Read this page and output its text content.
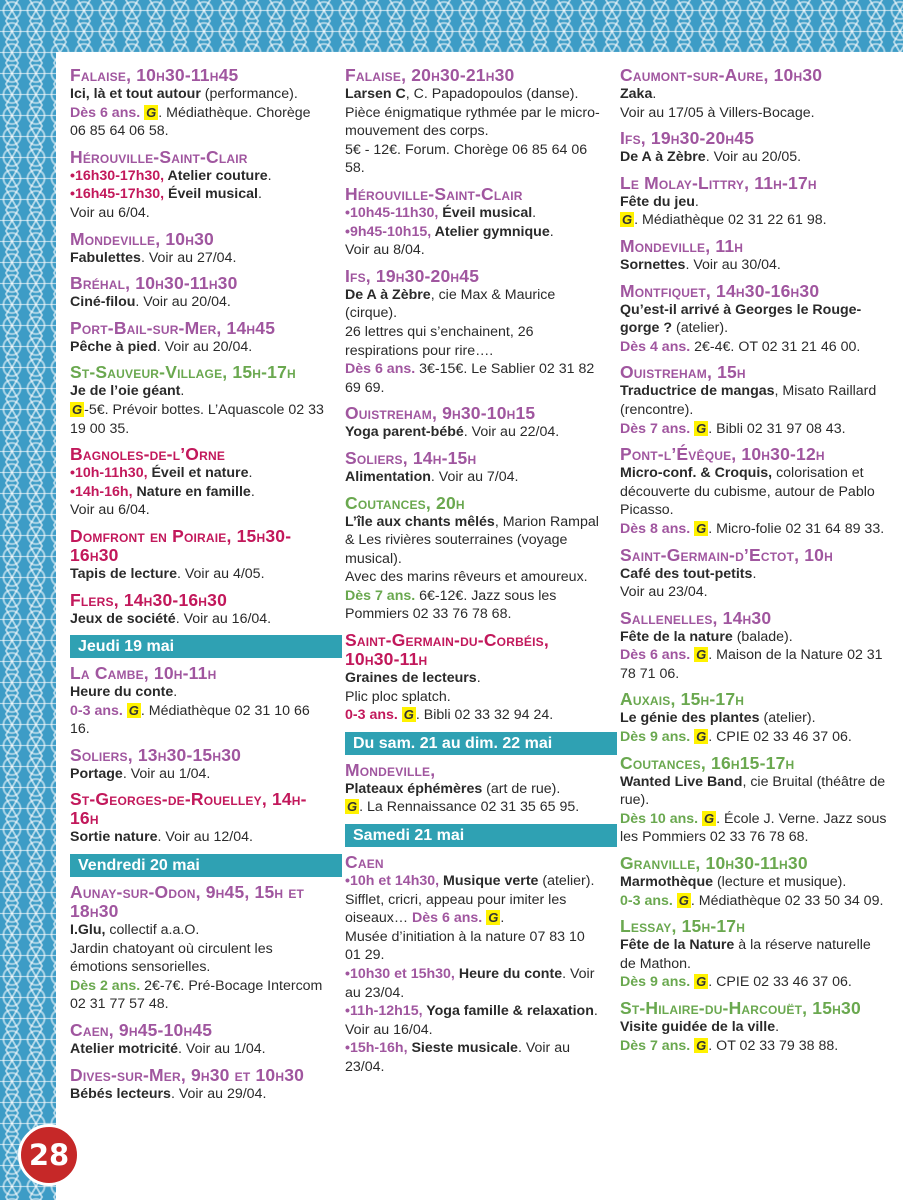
Falaise, 10h30-11h45
Ici, là et tout autour (performance).
Dès 6 ans. G . Médiathèque. Chorège 06 85 64 06 58.
Hérouville-Saint-Clair
•16h30-17h30, Atelier couture.
•16h45-17h30, Éveil musical.
Voir au 6/04.
Mondeville, 10h30
Fabulettes. Voir au 27/04.
Bréhal, 10h30-11h30
Ciné-filou. Voir au 20/04.
Port-Bail-sur-Mer, 14h45
Pêche à pied. Voir au 20/04.
St-Sauveur-Village, 15h-17h
Je de l’oie géant.
G -5€. Prévoir bottes. L’Aquascole 02 33 19 00 35.
Bagnoles-de-l’Orne
•10h-11h30, Éveil et nature.
•14h-16h, Nature en famille.
Voir au 6/04.
Domfront en Poiraie, 15h30-16h30
Tapis de lecture. Voir au 4/05.
Flers, 14h30-16h30
Jeux de société. Voir au 16/04.
Jeudi 19 mai
La Cambe, 10h-11h
Heure du conte.
0-3 ans. G . Médiathèque 02 31 10 66 16.
Soliers, 13h30-15h30
Portage. Voir au 1/04.
St-Georges-de-Rouelley, 14h-16h
Sortie nature. Voir au 12/04.
Vendredi 20 mai
Aunay-sur-Odon, 9h45, 15h et 18h30
I.Glu, collectif a.a.O.
Jardin chatoyant où circulent les émotions sensorielles.
Dès 2 ans. 2€-7€. Pré-Bocage Intercom 02 31 77 57 48.
Caen, 9h45-10h45
Atelier motricité. Voir au 1/04.
Dives-sur-Mer, 9h30 et 10h30
Bébés lecteurs. Voir au 29/04.
Falaise, 20h30-21h30
Larsen C, C. Papadopoulos (danse).
Pièce énigmatique rythmée par le micro-mouvement des corps.
5€ - 12€. Forum. Chorège 06 85 64 06 58.
Hérouville-Saint-Clair
•10h45-11h30, Éveil musical.
•9h45-10h15, Atelier gymnique.
Voir au 8/04.
Ifs, 19h30-20h45
De A à Zèbre, cie Max & Maurice (cirque).
26 lettres qui s’enchainent, 26 respirations pour rire….
Dès 6 ans. 3€-15€. Le Sablier 02 31 82 69 69.
Ouistreham, 9h30-10h15
Yoga parent-bébé. Voir au 22/04.
Soliers, 14h-15h
Alimentation. Voir au 7/04.
Coutances, 20h
L’île aux chants mêlés, Marion Rampal & Les rivières souterraines (voyage musical).
Avec des marins rêveurs et amoureux.
Dès 7 ans. 6€-12€. Jazz sous les Pommiers 02 33 76 78 68.
Saint-Germain-du-Corbéis, 10h30-11h
Graines de lecteurs.
Plic ploc splatch.
0-3 ans. G . Bibli 02 33 32 94 24.
Du sam. 21 au dim. 22 mai
Mondeville,
Plateaux éphémères (art de rue).
G . La Rennaissance 02 31 35 65 95.
Samedi 21 mai
Caen
•10h et 14h30, Musique verte (atelier). Sifflet, cricri, appeau pour imiter les oiseaux… Dès 6 ans. G .
Musée d’initiation à la nature 07 83 10 01 29.
•10h30 et 15h30, Heure du conte. Voir au 23/04.
•11h-12h15, Yoga famille & relaxation. Voir au 16/04.
•15h-16h, Sieste musicale. Voir au 23/04.
Caumont-sur-Aure, 10h30
Zaka.
Voir au 17/05 à Villers-Bocage.
Ifs, 19h30-20h45
De A à Zèbre. Voir au 20/05.
Le Molay-Littry, 11h-17h
Fête du jeu.
G . Médiathèque 02 31 22 61 98.
Mondeville, 11h
Sornettes. Voir au 30/04.
Montfiquet, 14h30-16h30
Qu’est-il arrivé à Georges le Rouge-gorge ? (atelier).
Dès 4 ans. 2€-4€. OT 02 31 21 46 00.
Ouistreham, 15h
Traductrice de mangas, Misato Raillard (rencontre).
Dès 7 ans. G . Bibli 02 31 97 08 43.
Pont-l’Évêque, 10h30-12h
Micro-conf. & Croquis, colorisation et découverte du cubisme, autour de Pablo Picasso.
Dès 8 ans. G . Micro-folie 02 31 64 89 33.
Saint-Germain-d’Ectot, 10h
Café des tout-petits.
Voir au 23/04.
Sallenelles, 14h30
Fête de la nature (balade).
Dès 6 ans. G . Maison de la Nature 02 31 78 71 06.
Auxais, 15h-17h
Le génie des plantes (atelier).
Dès 9 ans. G . CPIE 02 33 46 37 06.
Coutances, 16h15-17h
Wanted Live Band, cie Bruital (théâtre de rue).
Dès 10 ans. G . École J. Verne. Jazz sous les Pommiers 02 33 76 78 68.
Granville, 10h30-11h30
Marmothèque (lecture et musique).
0-3 ans. G . Médiathèque 02 33 50 34 09.
Lessay, 15h-17h
Fête de la Nature à la réserve naturelle de Mathon.
Dès 9 ans. G . CPIE 02 33 46 37 06.
St-Hilaire-du-Harcouët, 15h30
Visite guidée de la ville.
Dès 7 ans. G . OT 02 33 79 38 88.
28
